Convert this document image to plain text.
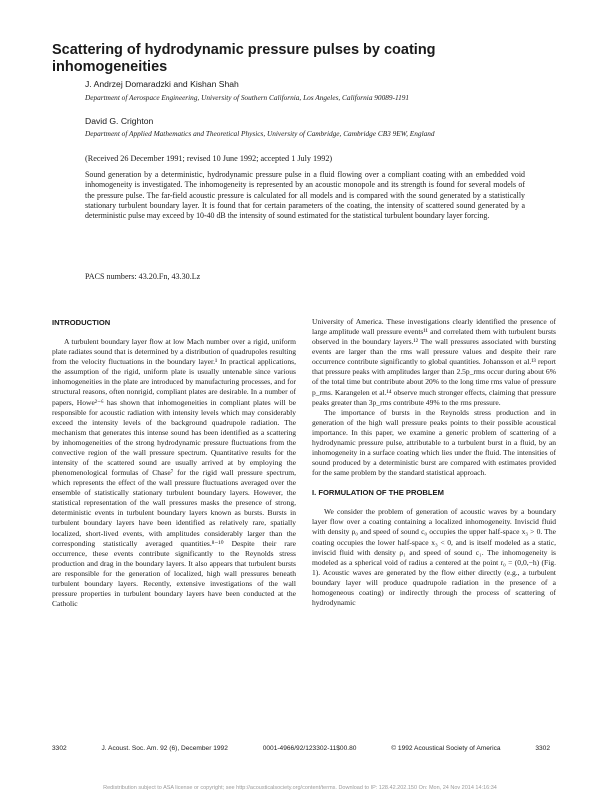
Scattering of hydrodynamic pressure pulses by coating inhomogeneities

J. Andrzej Domaradzki and Kishan Shah

Department of Aerospace Engineering, University of Southern California, Los Angeles, California 90089-1191

David G. Crighton

Department of Applied Mathematics and Theoretical Physics, University of Cambridge, Cambridge CB3 9EW, England

(Received 26 December 1991; revised 10 June 1992; accepted 1 July 1992)

Sound generation by a deterministic, hydrodynamic pressure pulse in a fluid flowing over a compliant coating with an embedded void inhomogeneity is investigated. The inhomogeneity is represented by an acoustic monopole and its strength is found for several models of the pressure pulse. The far-field acoustic pressure is calculated for all models and is compared with the sound generated by a statistically stationary turbulent boundary layer. It is found that for certain parameters of the coating, the intensity of scattered sound generated by a deterministic pulse may exceed by 10-40 dB the intensity of sound estimated for the statistical turbulent boundary layer forcing.

PACS numbers: 43.20.Fn, 43.30.Lz

INTRODUCTION

A turbulent boundary layer flow at low Mach number over a rigid, uniform plate radiates sound that is determined by a distribution of quadrupoles resulting from the velocity fluctuations in the boundary layer.¹ In practical applications, the assumption of the rigid, uniform plate is usually untenable since various inhomogeneities in the plate are introduced by manufacturing processes, and for structural reasons, often nonrigid, compliant plates are desirable. In a number of papers, Howe²⁻⁶ has shown that inhomogeneities in compliant plates will be responsible for acoustic radiation with intensity levels which may considerably exceed the intensity levels of the background quadrupole radiation. The mechanism that generates this intense sound has been identified as a scattering by inhomogeneities of the strong hydrodynamic pressure fluctuations from the convective region of the wall pressure spectrum. Quantitative results for the intensity of the scattered sound are usually arrived at by employing the phenomenological formulas of Chase⁷ for the rigid wall pressure spectrum, which represents the effect of the wall pressure fluctuations averaged over the ensemble of statistically stationary turbulent boundary layers. However, the statistical representation of the wall pressures masks the presence of strong, deterministic events in turbulent boundary layers known as bursts. Bursts in turbulent boundary layers have been identified as relatively rare, spatially localized, short-lived events, with amplitudes considerably larger than the corresponding statistically averaged quantities.⁸⁻¹⁰ Despite their rare occurrence, these events contribute significantly to the Reynolds stress production and drag in the boundary layers. It also appears that turbulent bursts are responsible for the generation of localized, high wall pressures beneath turbulent boundary layers. Recently, extensive investigations of the wall pressure properties in turbulent boundary layers have been conducted at the Catholic

University of America. These investigations clearly identified the presence of large amplitude wall pressure events¹¹ and correlated them with turbulent bursts observed in the boundary layers.¹² The wall pressures associated with bursting events are larger than the rms wall pressure values and despite their rare occurrence contribute significantly to global quantities. Johansson et al.¹³ report that pressure peaks with amplitudes larger than 2.5p_rms occur during about 6% of the total time but contribute about 20% to the long time rms value of pressure p_rms. Karangelen et al.¹⁴ observe much stronger effects, claiming that pressure peaks greater than 3p_rms contribute 49% to the rms pressure.

The importance of bursts in the Reynolds stress production and in generation of the high wall pressure peaks points to their possible acoustical importance. In this paper, we examine a generic problem of scattering of a hydrodynamic pressure pulse, attributable to a turbulent burst in a fluid, by an inhomogeneity in a surface coating which lies under the fluid. The intensities of sound produced by a deterministic burst are compared with estimates provided for the same problem by the standard statistical approach.

I. FORMULATION OF THE PROBLEM

We consider the problem of generation of acoustic waves by a boundary layer flow over a coating containing a localized inhomogeneity. Inviscid fluid with density ρ₀ and speed of sound c₀ occupies the upper half-space x₃ > 0. The coating occupies the lower half-space x₃ < 0, and is itself modeled as a static, inviscid fluid with density ρ₁ and speed of sound c₁. The inhomogeneity is modeled as a spherical void of radius a centered at the point r₀ = (0,0,−h) (Fig. 1). Acoustic waves are generated by the flow either directly (e.g., a turbulent boundary layer will produce quadrupole radiation in the presence of a homogeneous coating) or indirectly through the process of scattering of hydrodynamic

3302	J. Acoust. Soc. Am. 92 (6), December 1992	0001-4966/92/123302-11$00.80	© 1992 Acoustical Society of America	3302
Redistribution subject to ASA license or copyright; see http://acousticalsociety.org/content/terms. Download to IP: 128.42.202.150 On: Mon, 24 Nov 2014 14:16:34
